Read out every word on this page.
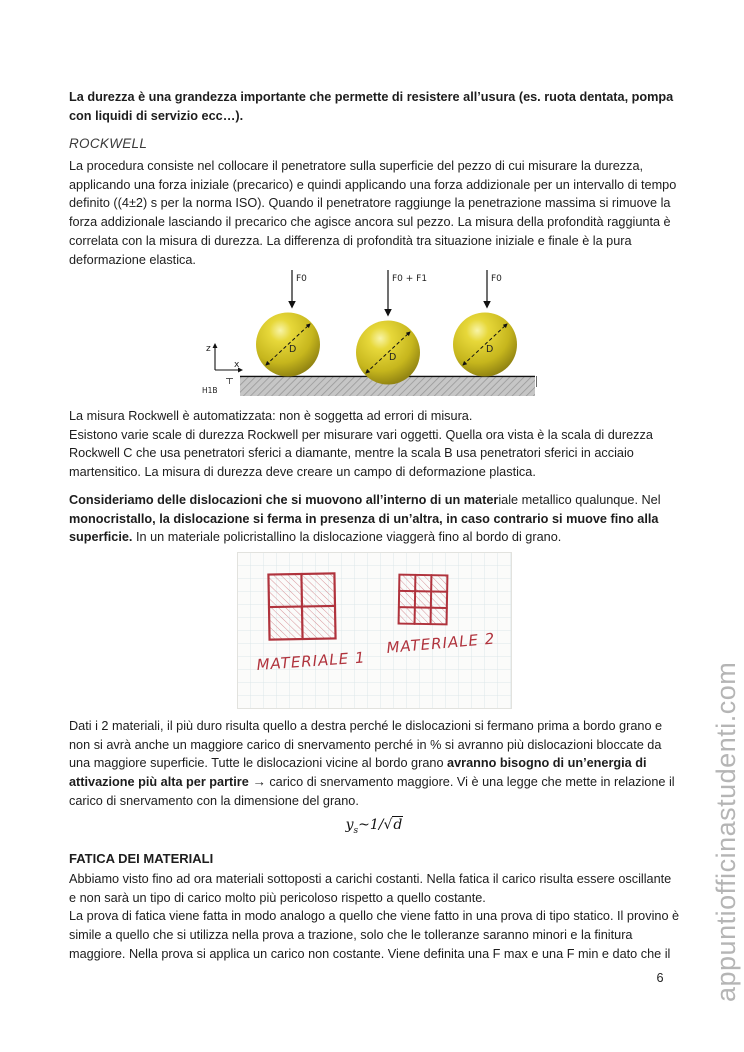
La durezza è una grandezza importante che permette di resistere all’usura (es. ruota dentata, pompa con liquidi di servizio ecc…).
ROCKWELL
La procedura consiste nel collocare il penetratore sulla superficie del pezzo di cui misurare la durezza, applicando una forza iniziale (precarico) e quindi applicando una forza addizionale per un intervallo di tempo definito ((4±2) s per la norma ISO). Quando il penetratore raggiunge la penetrazione massima si rimuove la forza addizionale lasciando il precarico che agisce ancora sul pezzo. La misura della profondità raggiunta è correlata con la misura di durezza. La differenza di profondità tra situazione iniziale e finale è la pura deformazione elastica.
D
D
D
F0	F0 + F1	F0
z
x
H1B
La misura Rockwell è automatizzata: non è soggetta ad errori di misura.
Esistono varie scale di durezza Rockwell per misurare vari oggetti. Quella ora vista è la scala di durezza Rockwell C che usa penetratori sferici a diamante, mentre la scala B usa penetratori sferici in acciaio martensitico. La misura di durezza deve creare un campo di deformazione plastica.
Consideriamo delle dislocazioni che si muovono all’interno di un materiale metallico qualunque. Nel monocristallo, la dislocazione si ferma in presenza di un’altra, in caso contrario si muove fino alla superficie. In un materiale policristallino la dislocazione viaggerà fino al bordo di grano.
MATERIALE 1
MATERIALE 2
Dati i 2 materiali, il più duro risulta quello a destra perché le dislocazioni si fermano prima a bordo grano e non si avrà anche un maggiore carico di snervamento perché in % si avranno più dislocazioni bloccate da una maggiore superficie. Tutte le dislocazioni vicine al bordo grano avranno bisogno di un’energia di attivazione più alta per partire → carico di snervamento maggiore. Vi è una legge che mette in relazione il carico di snervamento con la dimensione del grano.
$y_s\sim 1/√d$
FATICA DEI MATERIALI
Abbiamo visto fino ad ora materiali sottoposti a carichi costanti. Nella fatica il carico risulta essere oscillante e non sarà un tipo di carico molto più pericoloso rispetto a quello costante.
La prova di fatica viene fatta in modo analogo a quello che viene fatto in una prova di tipo statico. Il provino è simile a quello che si utilizza nella prova a trazione, solo che le tolleranze saranno minori e la finitura maggiore. Nella prova si applica un carico non costante. Viene definita una F max e una F min e dato che il	appuntiofficinastudenti.com
6
